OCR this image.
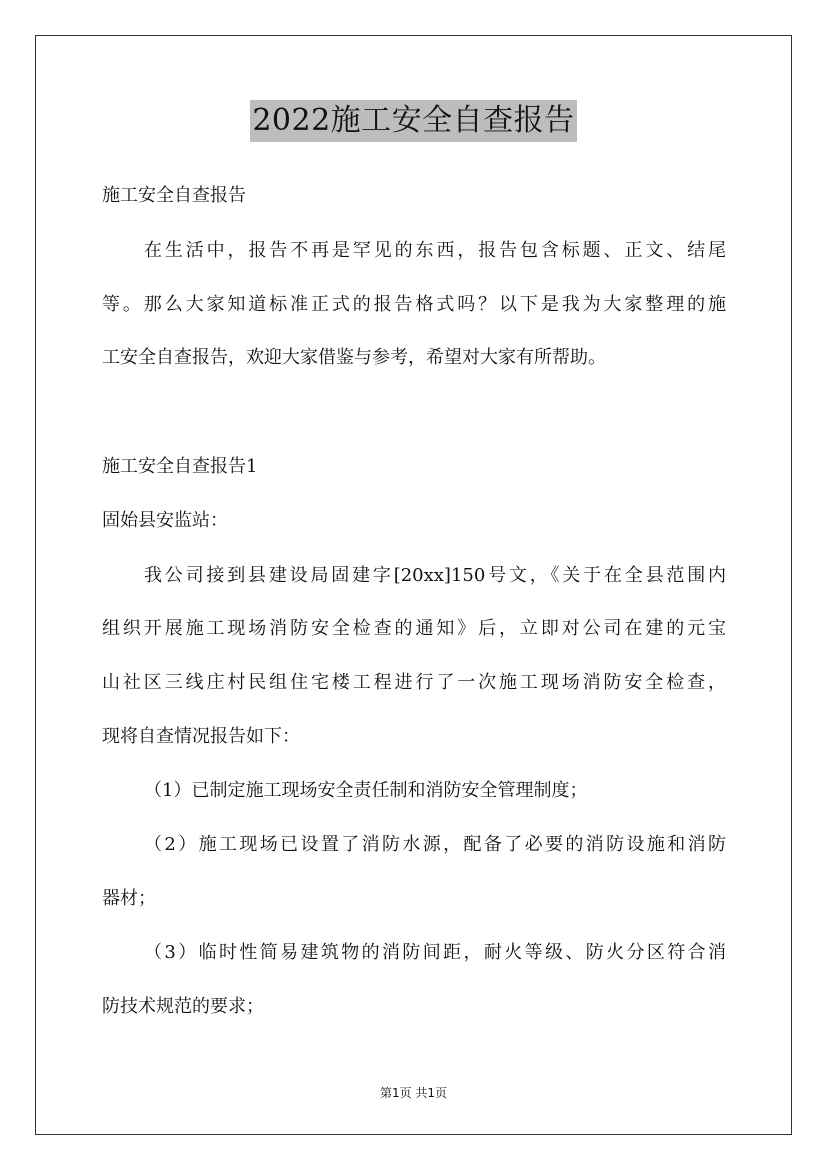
2022施工安全自查报告
施工安全自查报告
在生活中，报告不再是罕见的东西，报告包含标题、正文、结尾
等。那么大家知道标准正式的报告格式吗？以下是我为大家整理的施
工安全自查报告，欢迎大家借鉴与参考，希望对大家有所帮助。
施工安全自查报告1
固始县安监站：
我公司接到县建设局固建字[20xx]150号文，《关于在全县范围内
组织开展施工现场消防安全检查的通知》后，立即对公司在建的元宝
山社区三线庄村民组住宅楼工程进行了一次施工现场消防安全检查，
现将自查情况报告如下：
（1）已制定施工现场安全责任制和消防安全管理制度；
（2）施工现场已设置了消防水源，配备了必要的消防设施和消防
器材；
（3）临时性简易建筑物的消防间距，耐火等级、防火分区符合消
防技术规范的要求；
第1页 共1页
